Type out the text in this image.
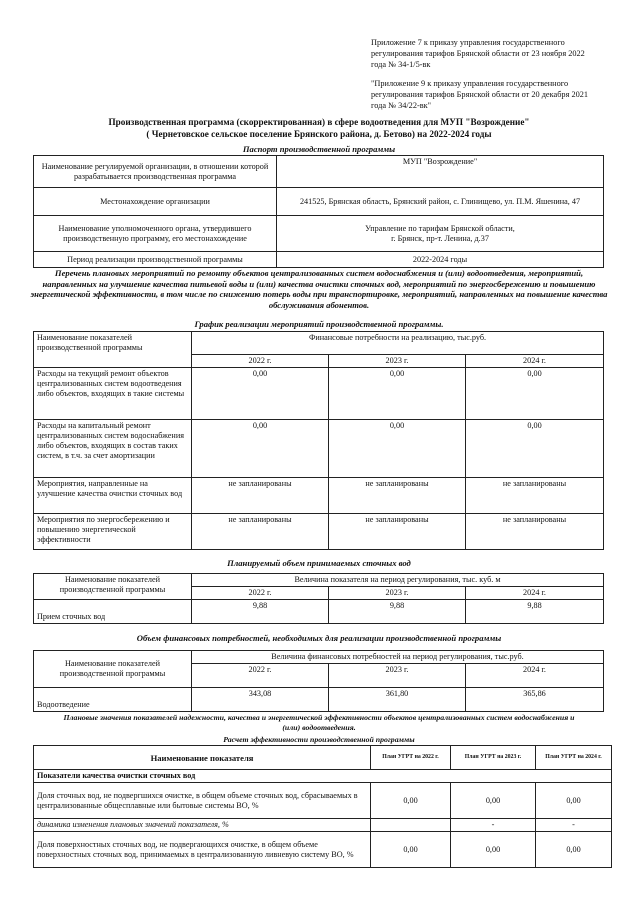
Приложение 7 к приказу управления государственного
регулирования тарифов Брянской области от 23 ноября 2022
года № 34-1/5-вк
"Приложение 9 к приказу управления государственного
регулирования тарифов Брянской области от 20 декабря 2021
года № 34/22-вк"
Производственная программа (скорректированная) в сфере водоотведения для МУП "Возрождение"
( Чернетовское сельское поселение Брянского района, д. Бетово) на 2022-2024 годы
Паспорт производственной программы
Наименование регулируемой организации, в отношении которой разрабатывается производственная программа	МУП "Возрождение"
Местонахождение организации	241525, Брянская область, Брянский район, с. Глинищево, ул. П.М. Яшенина, 47
Наименование уполномоченного органа, утвердившего производственную программу, его местонахождение	Управление по тарифам Брянской области,
г. Брянск, пр-т. Ленина, д.37

Период реализации производственной программы	2022-2024 годы
Перечень плановых мероприятий по ремонту объектов централизованных систем водоснабжения и (или) водоотведения, мероприятий, направленных на улучшение качества питьевой воды и (или) качества очистки сточных вод, мероприятий по энергосбережению и повышению энергетической эффективности, в том числе по снижению потерь воды при транспортировке, мероприятий, направленных на повышение качества обслуживания абонентов.
График реализации мероприятий производственной программы.
Наименование показателей производственной программы	Финансовые потребности на реализацию, тыс.руб.		
	2022 г.	2023 г.	2024 г.
Расходы на текущий ремонт объектов централизованных систем водоотведения либо объектов, входящих в такие системы	0,00	0,00	0,00
Расходы на капитальный ремонт централизованных систем водоснабжения либо объектов, входящих в состав таких систем, в т.ч. за счет амортизации	0,00	0,00	0,00
Мероприятия, направленные на улучшение качества очистки сточных вод	не запланированы	не запланированы	не запланированы
Мероприятия по энергосбережению и повышению энергетической эффективности	не запланированы	не запланированы	не запланированы
Планируемый объем принимаемых сточных вод
Наименование показателей производственной программы	Величина показателя на период регулирования, тыс. куб. м		
	2022 г.	2023 г.	2024 г.
Прием сточных вод	9,88	9,88	9,88
Объем финансовых потребностей, необходимых для реализации производственной программы
Наименование показателей производственной программы	Величина финансовых потребностей на период регулирования, тыс.руб.		
	2022 г.	2023 г.	2024 г.
Водоотведение	343,08	361,80	365,86
Плановые значения показателей надежности, качества и энергетической эффективности объектов централизованных систем водоснабжения и (или) водоотведения.
Расчет эффективности производственной программы
Наименование показателя	План УГРТ на 2022 г.	План УГРТ на 2023 г.	План УГРТ на 2024 г.
Показатели качества очистки сточных вод			
Доля сточных вод, не подвергшихся очистке, в общем объеме сточных вод, сбрасываемых в централизованные общесплавные или бытовые системы ВО, %	0,00	0,00	0,00
динамика изменения плановых значений показателя, %		-	-
Доля поверхностных сточных вод, не подвергающихся очистке, в общем объеме поверхностных сточных вод, принимаемых в централизованную ливневую систему ВО, %	0,00	0,00	0,00
